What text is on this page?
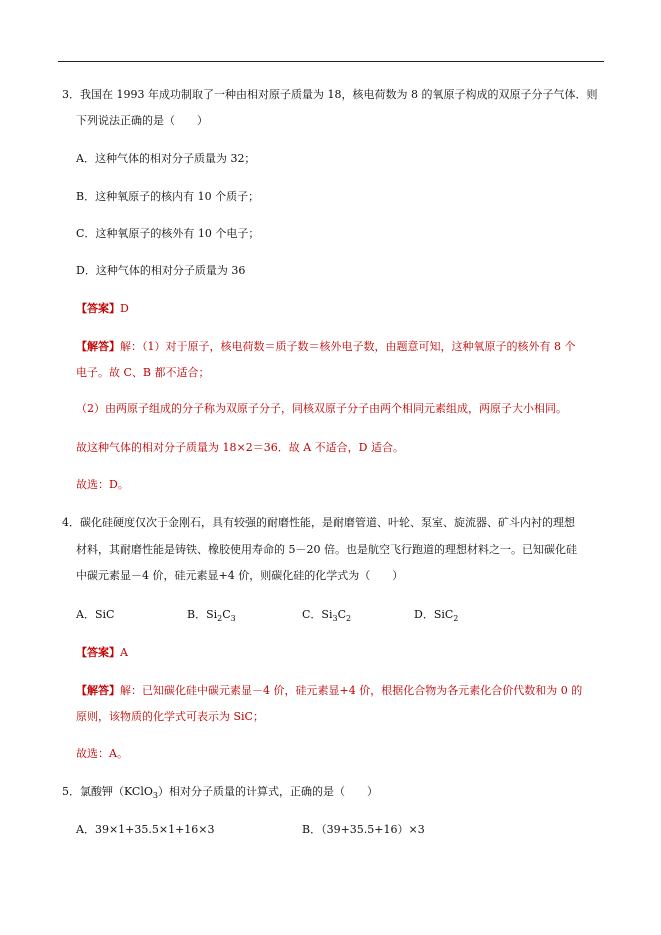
3．我国在 1993 年成功制取了一种由相对原子质量为 18，核电荷数为 8 的氧原子构成的双原子分子气体．则
下列说法正确的是（　　）
A．这种气体的相对分子质量为 32；
B．这种氧原子的核内有 10 个质子；
C．这种氧原子的核外有 10 个电子；
D．这种气体的相对分子质量为 36
【答案】D
【解答】解：（1）对于原子，核电荷数＝质子数＝核外电子数，由题意可知，这种氧原子的核外有 8 个
电子。故 C、B 都不适合；
（2）由两原子组成的分子称为双原子分子，同核双原子分子由两个相同元素组成，两原子大小相同。
故这种气体的相对分子质量为 18×2＝36．故 A 不适合，D 适合。
故选：D。
4．碳化硅硬度仅次于金刚石，具有较强的耐磨性能，是耐磨管道、叶轮、泵室、旋流器、矿斗内衬的理想
材料，其耐磨性能是铸铁、橡胶使用寿命的 5－20 倍。也是航空飞行跑道的理想材料之一。已知碳化硅
中碳元素显－4 价，硅元素显+4 价，则碳化硅的化学式为（　　）
A．SiC	B．$Si_2C_3$	C．$Si_3C_2$	D．SiC$_2$
【答案】A
【解答】解：已知碳化硅中碳元素显－4 价，硅元素显+4 价，根据化合物为各元素化合价代数和为 0 的
原则，该物质的化学式可表示为 SiC；
故选：A。
5．氯酸钾（KClO$_3$）相对分子质量的计算式，正确的是（　　）
A．39×1+35.5×1+16×3	B．（39+35.5+16）×3
